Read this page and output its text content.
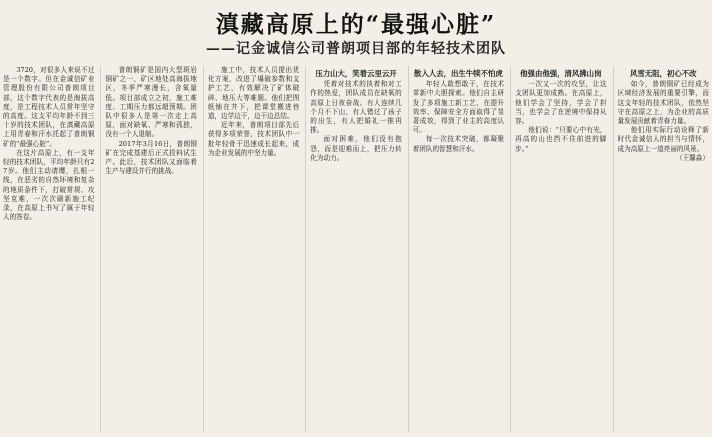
滇藏高原上的“最强心脏”
——记金诚信公司普朗项目部的年轻技术团队

3720，对很多人来说不过是一个数字。但在金诚信矿业管理股份有限公司普朗项目部，这个数字代表的是海拔高度，是工程技术人员常年坚守的高度。这支平均年龄不到三十岁的技术团队，在滇藏高原上用青春和汗水托起了普朗铜矿的“最强心脏”。

在这片高原上，有一支年轻的技术团队，平均年龄只有27岁。他们主动请缨，扎根一线，在恶劣的自然环境和复杂的地质条件下，打破常规、攻坚克难，一次次刷新施工纪录，在高原上书写了属于年轻人的答卷。

普朗铜矿是国内大型斑岩铜矿之一，矿区地处高海拔地区，冬季严寒漫长，含氧量低。项目部成立之初，施工难度、工期压力都远超预期。团队中很多人是第一次走上高原，面对缺氧、严寒和孤独，没有一个人退缩。

2017年3月16日，普朗铜矿在完成基建后正式投料试生产。此后，技术团队又面临着生产与建设并行的挑战。

施工中，技术人员提出优化方案，改进了爆破参数和支护工艺，有效解决了矿体破碎、地压大等难题。他们把图纸铺在井下，把课堂搬进巷道，边学边干，边干边总结。

近年来，普朗项目部先后获得多项荣誉，技术团队中一批年轻骨干迅速成长起来，成为企业发展的中坚力量。

压力山大，笑着云里云开

凭着对技术的执着和对工作的热爱，团队成员在缺氧的高原上日夜奋战。有人连续几个月不下山，有人错过了孩子的出生，有人把婚礼一推再推。

面对困难，他们没有抱怨，而是迎难而上，把压力转化为动力。

散入人去，出生牛犊不怕虎

年轻人敢想敢干，在技术革新中大胆探索。他们自主研发了多项施工新工艺，在提升效率、保障安全方面取得了显著成效，得到了业主的高度认可。

每一次技术突破，都凝聚着团队的智慧和汗水。

他强由他强，清风拂山岗

一次又一次的攻坚，让这支团队更加成熟。在高原上，他们学会了坚持，学会了担当，也学会了在逆境中保持从容。

他们说：“只要心中有光，再高的山也挡不住前进的脚步。”

风雪无阻，初心不改

如今，普朗铜矿已经成为区域经济发展的重要引擎，而这支年轻的技术团队，依然坚守在高原之上，为企业的高质量发展贡献着青春力量。

他们用实际行动诠释了新时代金诚信人的担当与情怀，成为高原上一道亮丽的风景。

（王馨淼）
